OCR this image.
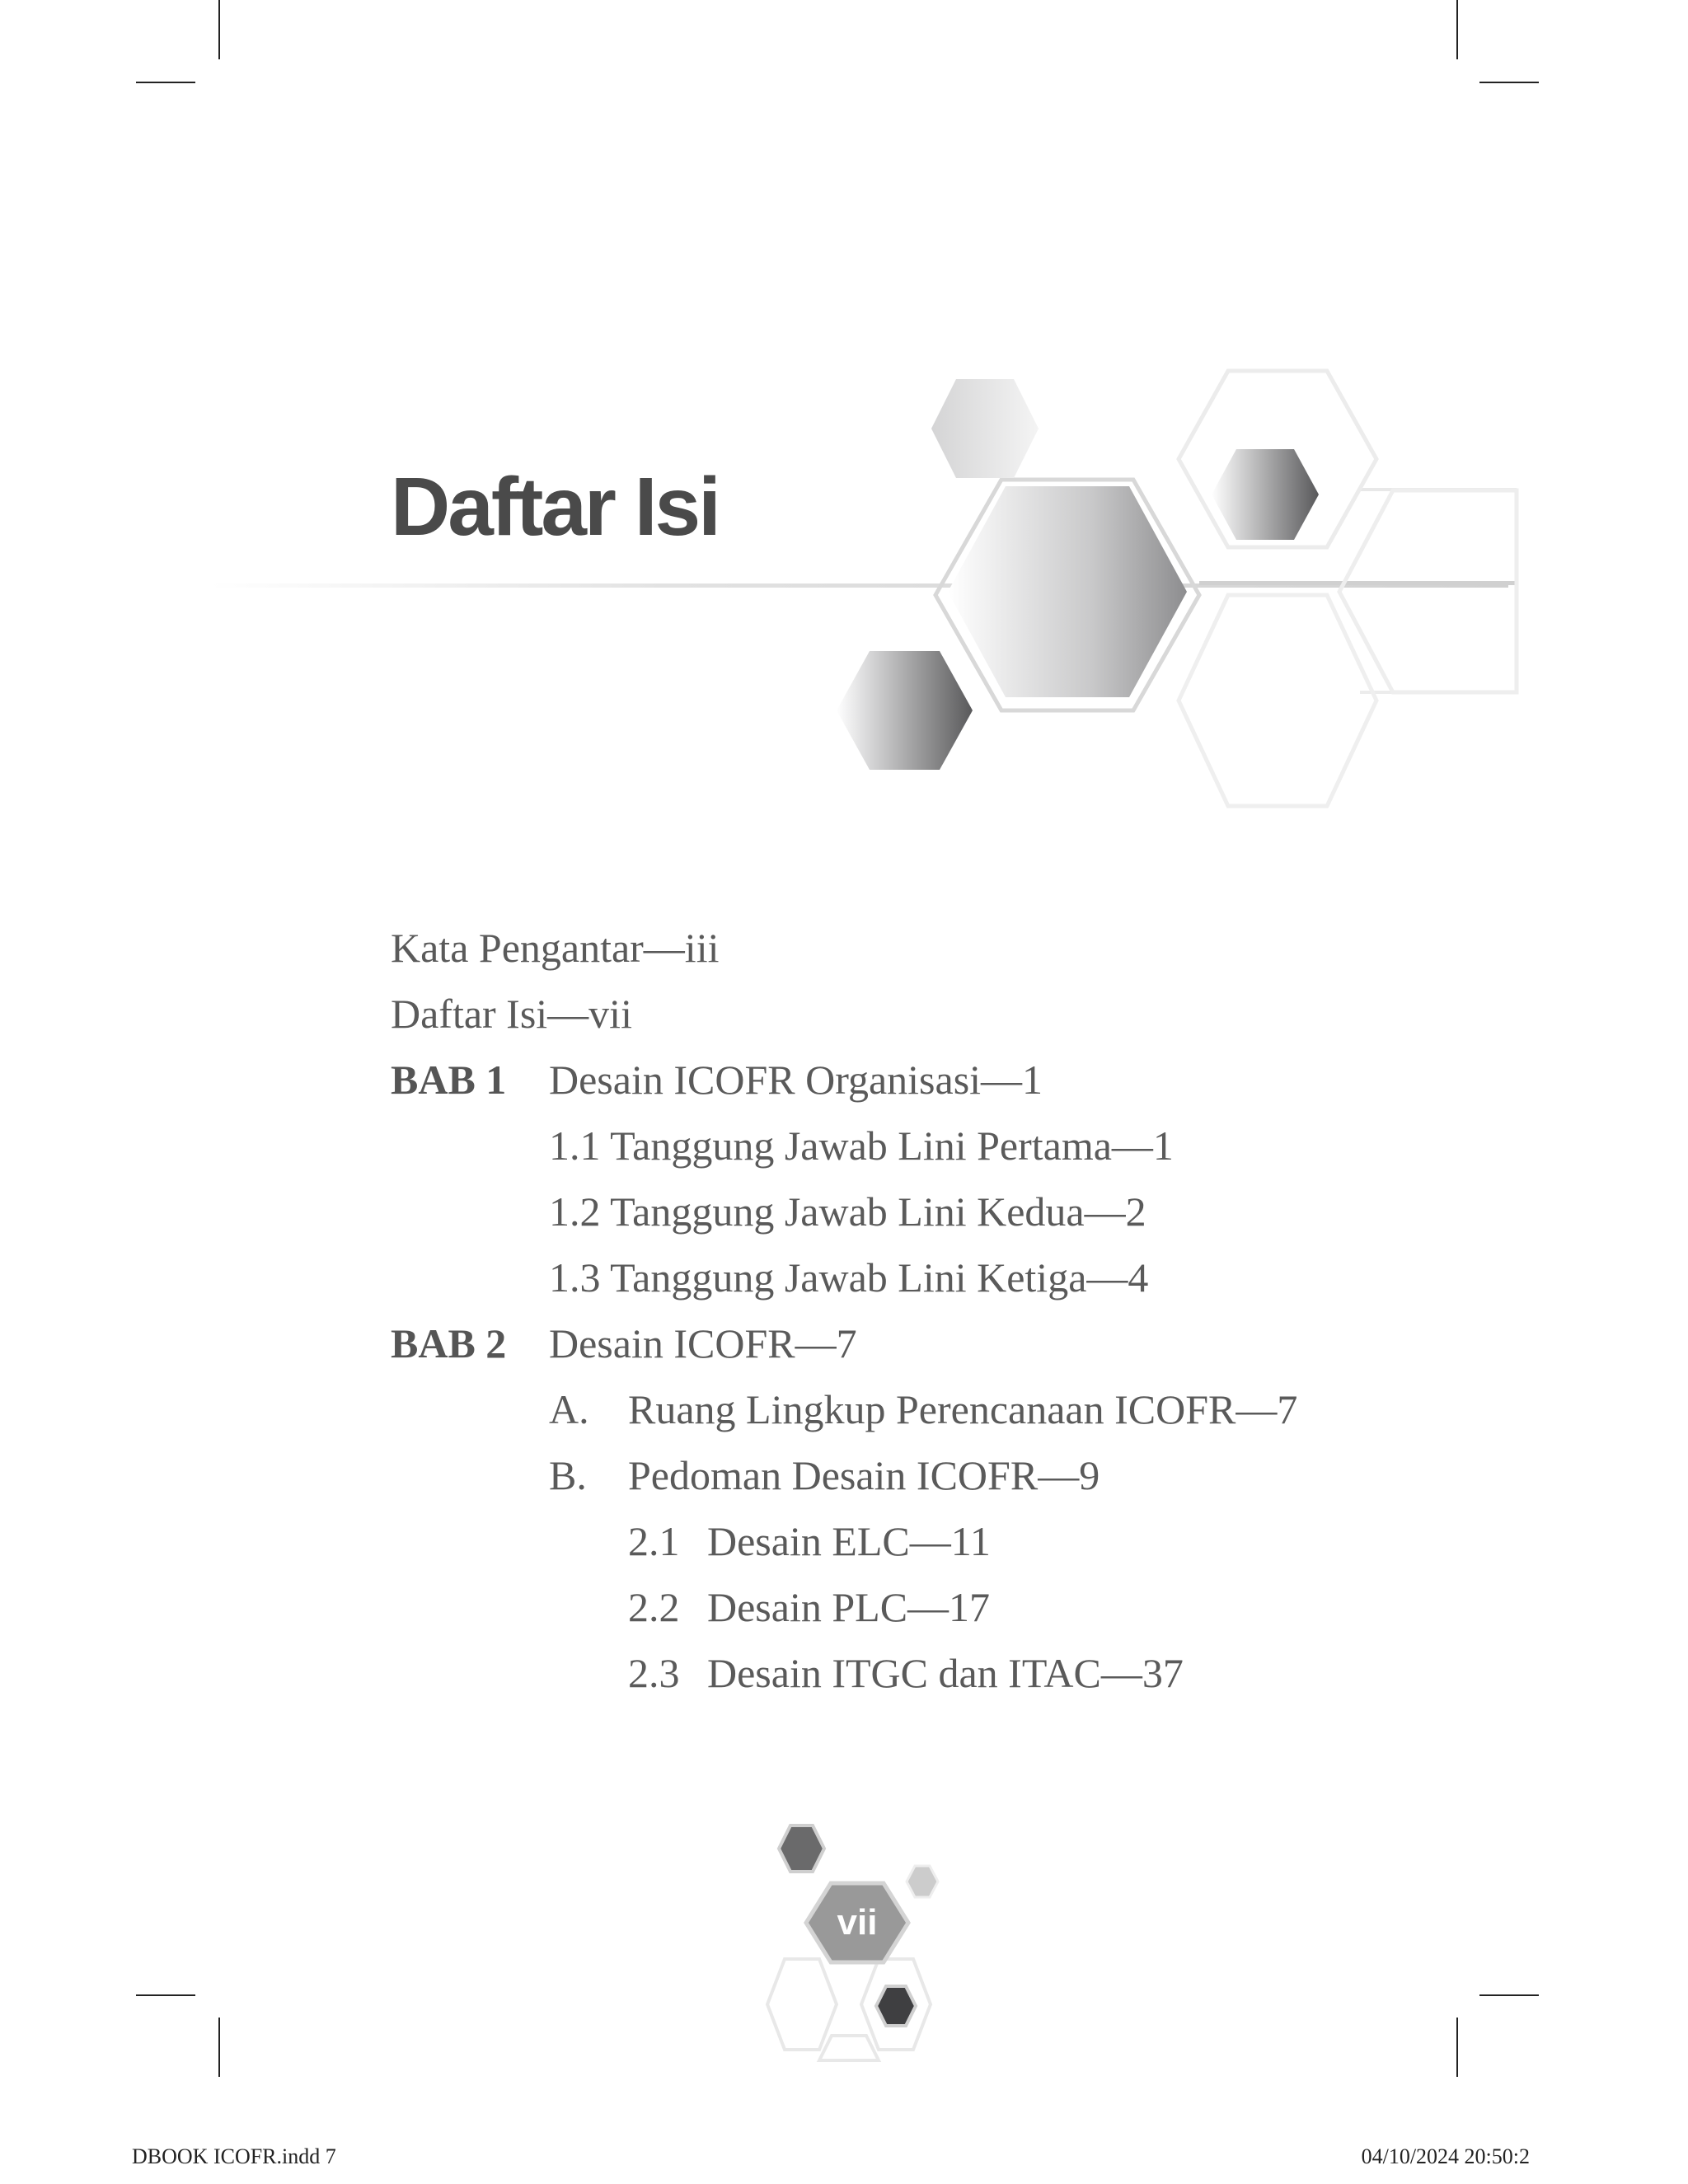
Daftar Isi
Kata Pengantar—iii
Daftar Isi—vii
BAB 1 Desain ICOFR Organisasi—1
1.1 Tanggung Jawab Lini Pertama—1
1.2 Tanggung Jawab Lini Kedua—2
1.3 Tanggung Jawab Lini Ketiga—4
BAB 2 Desain ICOFR—7
A. Ruang Lingkup Perencanaan ICOFR—7
B. Pedoman Desain ICOFR—9
2.1 Desain ELC—11
2.2 Desain PLC—17
2.3 Desain ITGC dan ITAC—37
vii
DBOOK ICOFR.indd 7	04/10/2024 20:50:2
